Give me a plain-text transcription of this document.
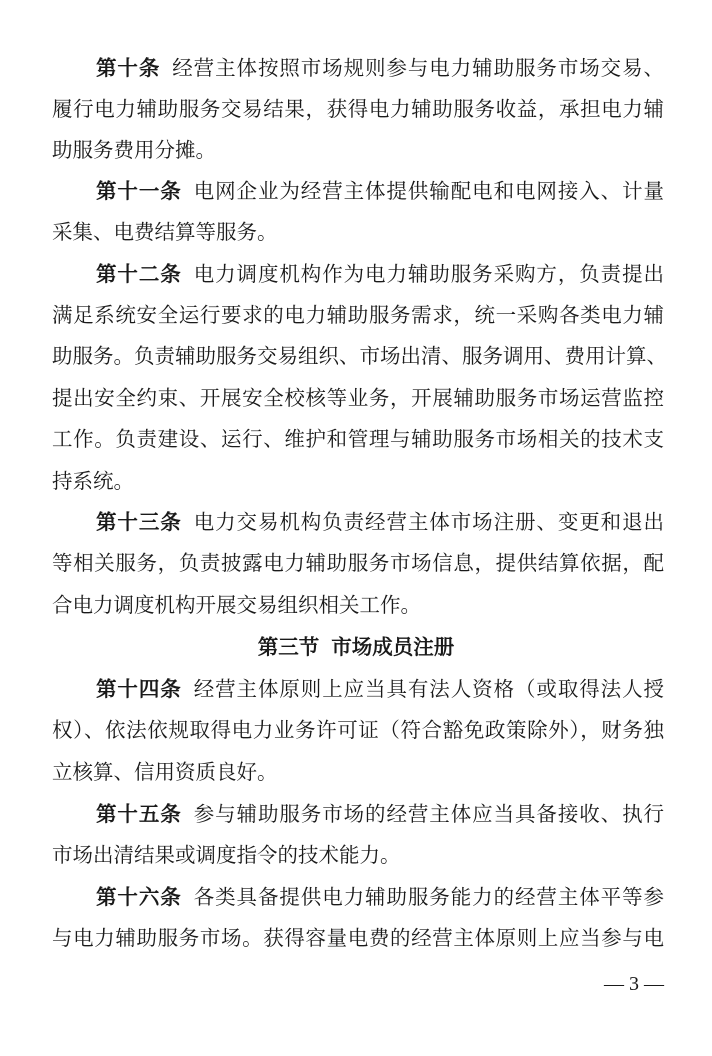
第十条 经营主体按照市场规则参与电力辅助服务市场交易、
履行电力辅助服务交易结果，获得电力辅助服务收益，承担电力辅
助服务费用分摊。
第十一条 电网企业为经营主体提供输配电和电网接入、计量
采集、电费结算等服务。
第十二条 电力调度机构作为电力辅助服务采购方，负责提出
满足系统安全运行要求的电力辅助服务需求，统一采购各类电力辅
助服务。负责辅助服务交易组织、市场出清、服务调用、费用计算、
提出安全约束、开展安全校核等业务，开展辅助服务市场运营监控
工作。负责建设、运行、维护和管理与辅助服务市场相关的技术支
持系统。
第十三条 电力交易机构负责经营主体市场注册、变更和退出
等相关服务，负责披露电力辅助服务市场信息，提供结算依据，配
合电力调度机构开展交易组织相关工作。
第三节 市场成员注册
第十四条 经营主体原则上应当具有法人资格（或取得法人授
权）、依法依规取得电力业务许可证（符合豁免政策除外），财务独
立核算、信用资质良好。
第十五条 参与辅助服务市场的经营主体应当具备接收、执行
市场出清结果或调度指令的技术能力。
第十六条 各类具备提供电力辅助服务能力的经营主体平等参
与电力辅助服务市场。获得容量电费的经营主体原则上应当参与电
— 3 —
